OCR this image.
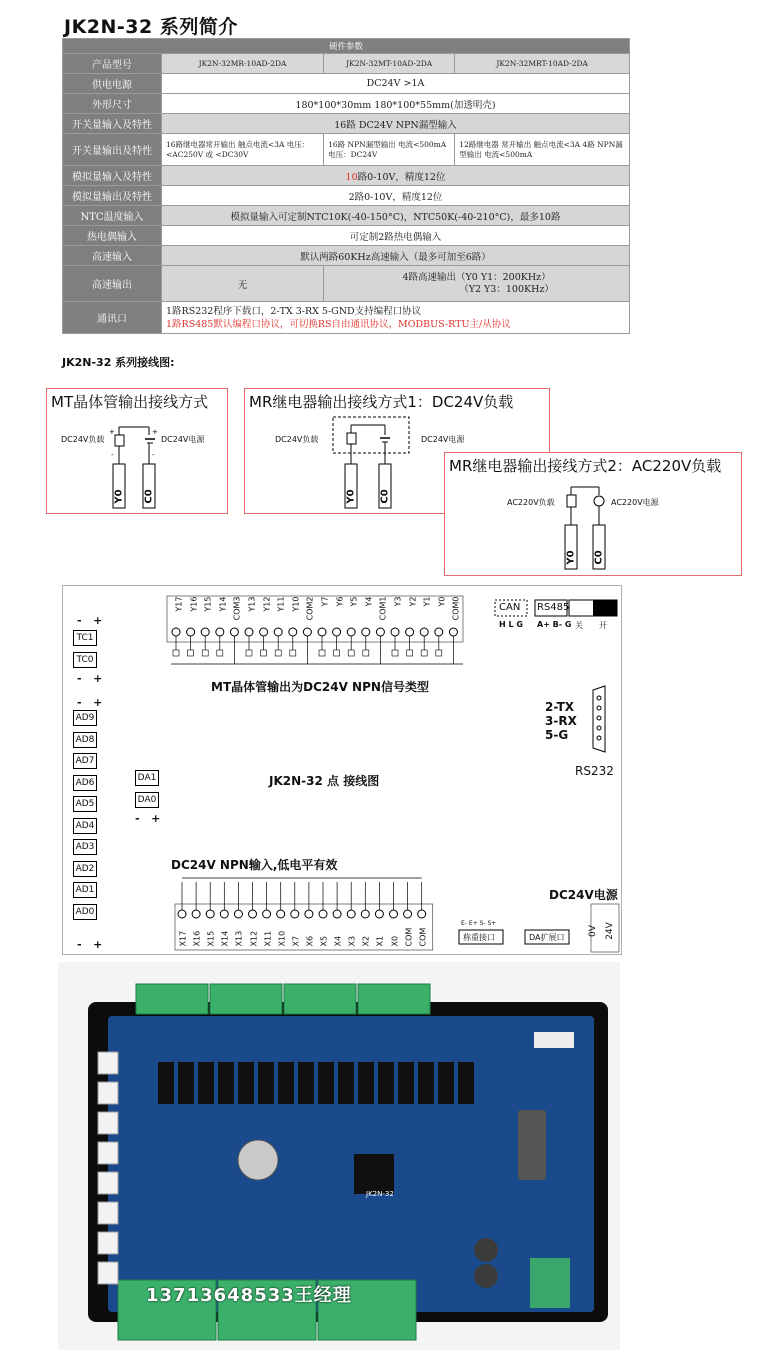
JK2N-32 系列简介
硬件参数			
产品型号	JK2N-32MR-10AD-2DA	JK2N-32MT-10AD-2DA	JK2N-32MRT-10AD-2DA
供电电源	DC24V >1A		
外形尺寸	180*100*30mm 180*100*55mm(加透明壳)		
开关量输入及特性	16路 DC24V NPN漏型输入		
开关量输出及特性	16路继电器常开输出 触点电流<3A 电压：<AC250V 或 <DC30V	16路 NPN漏型输出 电流<500mA 电压：DC24V	12路继电器 常开输出 触点电流<3A 4路 NPN漏型输出 电流<500mA
模拟量输入及特性	10路0-10V，精度12位		
模拟量输出及特性	2路0-10V，精度12位		
NTC温度输入	模拟量输入可定制NTC10K(-40-150°C)，NTC50K(-40-210°C)，最多10路		
热电偶输入	可定制2路热电偶输入		
高速输入	默认两路60KHz高速输入（最多可加至6路）		
高速输出	无	4路高速输出（Y0 Y1：200KHz）
（Y2 Y3：100KHz）	

通讯口	1路RS232程序下载口，2-TX 3-RX 5-GND支持编程口协议
1路RS485默认编程口协议，可切换RS自由通讯协议，MODBUS-RTU主/从协议		
JK2N-32 系列接线图:
MT晶体管输出接线方式
+	+
-	-
DC24V负载	DC24V电源
Y0 C0
MR继电器输出接线方式1：DC24V负载
DC24V负载	DC24V电源
Y0 C0
MR继电器输出接线方式2：AC220V负载
AC220V负载	AC220V电源
Y0 C0
Y17 Y16 Y15 Y14 COM3 Y13 Y12 Y11 Y10 COM2 Y7 Y6 Y5 Y4 COM1 Y3 Y2 Y1 Y0 COM0
MT晶体管输出为DC24V NPN信号类型
CAN
H L G
RS485
A+ B- G 关 开
- +
TC1
TC0
- +
- +
AD9
AD8
AD7
AD6
AD5
AD4
AD3
AD2
AD1
AD0
- +
DA1
DA0
- +
2-TX
3-RX
5-G
RS232
JK2N-32 点 接线图
DC24V NPN输入,低电平有效
X17 X16 X15 X14 X13 X12 X11 X10 X7 X6 X5 X4 X3 X2 X1 X0 COM COM
DC24V电源
0V 24V
E- E+ S- S+
称重接口	DA扩展口
JK2N-32
13713648533王经理
